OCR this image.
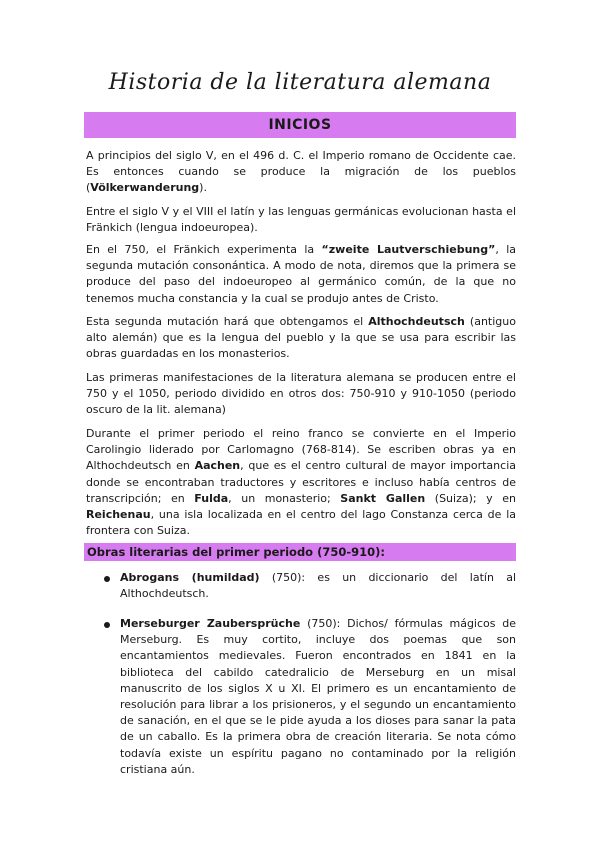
Historia de la literatura alemana
INICIOS

A principios del siglo V, en el 496 d. C. el Imperio romano de Occidente cae. Es entonces cuando se produce la migración de los pueblos (Völkerwanderung).

Entre el siglo V y el VIII el latín y las lenguas germánicas evolucionan hasta el Fränkich (lengua indoeuropea).

En el 750, el Fränkich experimenta la “zweite Lautverschiebung”, la segunda mutación consonántica. A modo de nota, diremos que la primera se produce del paso del indoeuropeo al germánico común, de la que no tenemos mucha constancia y la cual se produjo antes de Cristo.

Esta segunda mutación hará que obtengamos el Althochdeutsch (antiguo alto alemán) que es la lengua del pueblo y la que se usa para escribir las obras guardadas en los monasterios.

Las primeras manifestaciones de la literatura alemana se producen entre el 750 y el 1050, periodo dividido en otros dos: 750-910 y 910-1050 (periodo oscuro de la lit. alemana)

Durante el primer periodo el reino franco se convierte en el Imperio Carolingio liderado por Carlomagno (768-814). Se escriben obras ya en Althochdeutsch en Aachen, que es el centro cultural de mayor importancia donde se encontraban traductores y escritores e incluso había centros de transcripción; en Fulda, un monasterio; Sankt Gallen (Suiza); y en Reichenau, una isla localizada en el centro del lago Constanza cerca de la frontera con Suiza.

Obras literarias del primer periodo (750-910):

Abrogans (humildad) (750): es un diccionario del latín al Althochdeutsch.

Merseburger Zaubersprüche (750): Dichos/ fórmulas mágicos de Merseburg. Es muy cortito, incluye dos poemas que son encantamientos medievales. Fueron encontrados en 1841 en la biblioteca del cabildo catedralicio de Merseburg en un misal manuscrito de los siglos X u XI. El primero es un encantamiento de resolución para librar a los prisioneros, y el segundo un encantamiento de sanación, en el que se le pide ayuda a los dioses para sanar la pata de un caballo. Es la primera obra de creación literaria. Se nota cómo todavía existe un espíritu pagano no contaminado por la religión cristiana aún.
